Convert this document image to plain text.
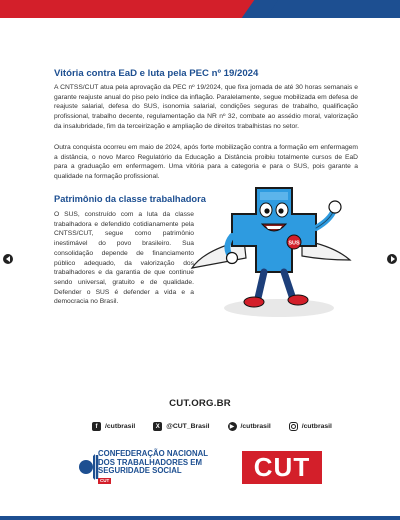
Vitória contra EaD e luta pela PEC nº 19/2024

A CNTSS/CUT atua pela aprovação da PEC nº 19/2024, que fixa jornada de até 30 horas semanais e garante reajuste anual do piso pelo índice da inflação. Paralelamente, segue mobilizada em defesa de reajuste salarial, defesa do SUS, isonomia salarial, condições seguras de trabalho, qualificação profissional, trabalho decente, regulamentação da NR nº 32, combate ao assédio moral, valorização da insalubridade, fim da terceirização e ampliação de direitos trabalhistas no setor.

Outra conquista ocorreu em maio de 2024, após forte mobilização contra a formação em enfermagem a distância, o novo Marco Regulatório da Educação a Distância proibiu totalmente cursos de EaD para a graduação em enfermagem. Uma vitória para a categoria e para o SUS, pois garante a qualidade na formação profissional.

Patrimônio da classe trabalhadora

O SUS, construído com a luta da classe trabalhadora e defendido cotidianamente pela CNTSS/CUT, segue como patrimônio inestimável do povo brasileiro. Sua consolidação depende de financiamento público adequado, da valorização dos trabalhadores e da garantia de que continue sendo universal, gratuito e de qualidade. Defender o SUS é defender a vida e a democracia no Brasil.

SUS
CUT.ORG.BR
f	/cutbrasil	X @CUT_Brasil	▶ /cutbrasil	/cutbrasil
CONFEDERAÇÃO NACIONAL
DOS TRABALHADORES EM
SEGURIDADE SOCIAL
CUT	CUT
